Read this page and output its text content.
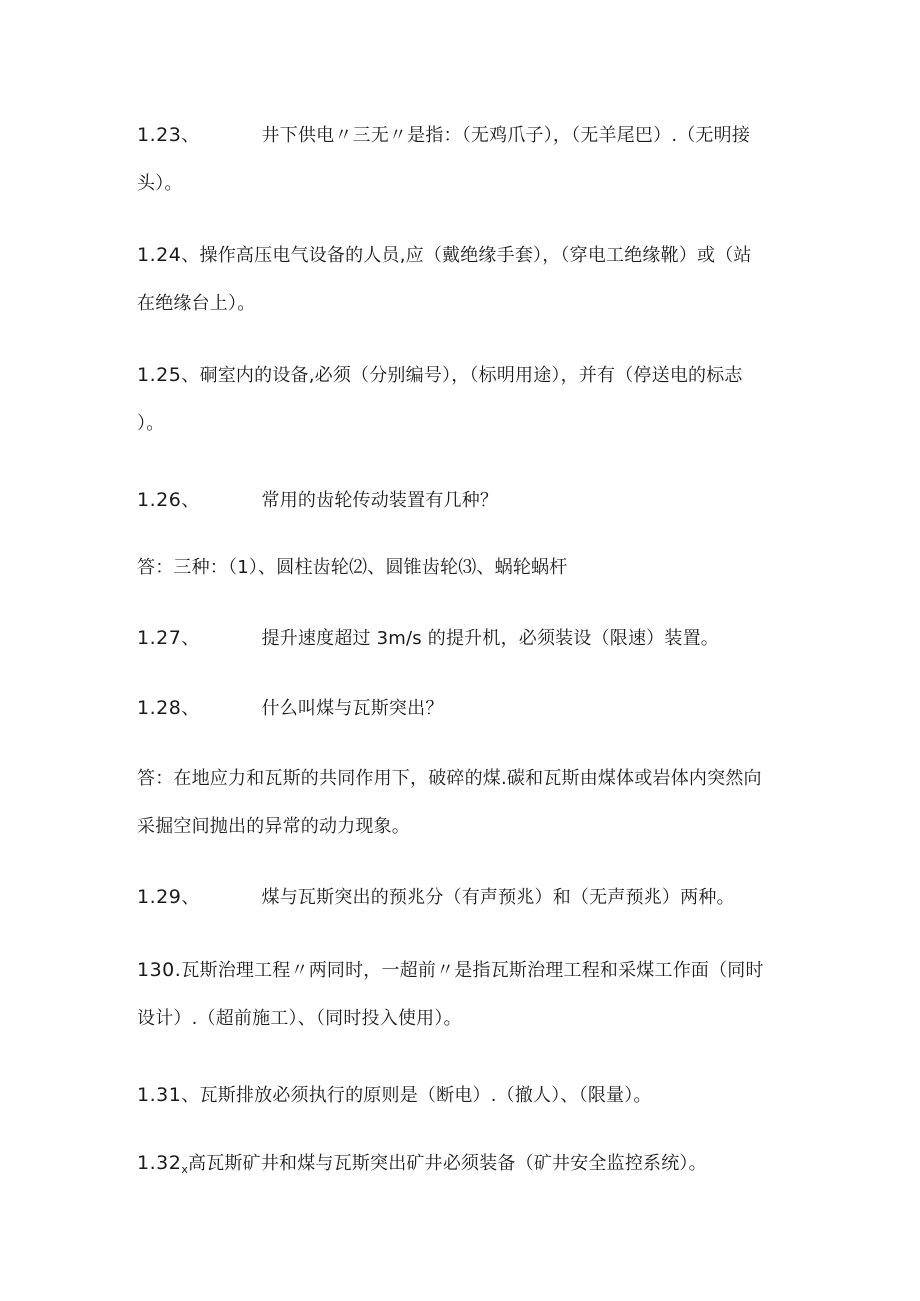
1.23、	井下供电〃三无〃是指：（无鸡爪子），（无羊尾巴）.（无明接
头）。
1.24、操作高压电气设备的人员,应（戴绝缘手套），（穿电工绝缘靴）或（站
在绝缘台上）。
1.25、硐室内的设备,必须（分别编号），（标明用途），并有（停送电的标志
）。
1.26、	常用的齿轮传动装置有几种？
答：三种：（1）、圆柱齿轮⑵、圆锥齿轮⑶、蜗轮蜗杆
1.27、	提升速度超过 3m∕s 的提升机，必须装设（限速）装置。
1.28、	什么叫煤与瓦斯突出？
答：在地应力和瓦斯的共同作用下，破碎的煤.碳和瓦斯由煤体或岩体内突然向
采掘空间抛出的异常的动力现象。
1.29、	煤与瓦斯突出的预兆分（有声预兆）和（无声预兆）两种。
130.瓦斯治理工程〃两同时，一超前〃是指瓦斯治理工程和采煤工作面（同时
设计）.（超前施工）、（同时投入使用）。
1.31、瓦斯排放必须执行的原则是（断电）.（撤人）、（限量）。
$1.32_x$高瓦斯矿井和煤与瓦斯突出矿井必须装备（矿井安全监控系统）。
